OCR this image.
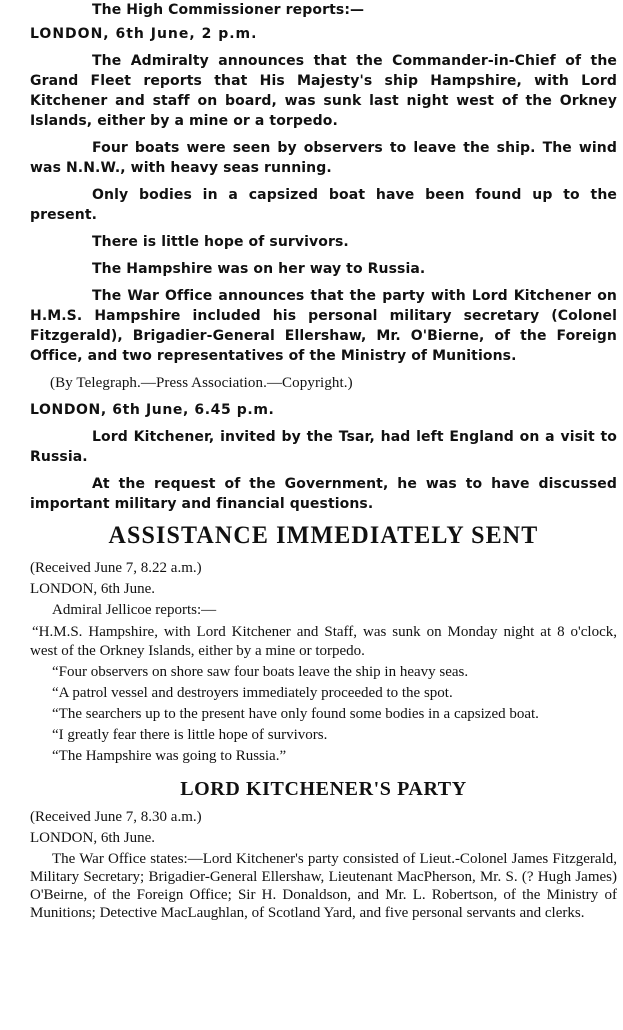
The High Commissioner reports:—

LONDON, 6th June, 2 p.m.

The Admiralty announces that the Commander-in-Chief of the Grand Fleet reports that His Majesty's ship Hampshire, with Lord Kitchener and staff on board, was sunk last night west of the Orkney Islands, either by a mine or a torpedo.

Four boats were seen by observers to leave the ship. The wind was N.N.W., with heavy seas running.

Only bodies in a capsized boat have been found up to the present.

There is little hope of survivors.

The Hampshire was on her way to Russia.

The War Office announces that the party with Lord Kitchener on H.M.S. Hampshire included his personal military secretary (Colonel Fitzgerald), Brigadier-General Ellershaw, Mr. O'Bierne, of the Foreign Office, and two representatives of the Ministry of Munitions.

(By Telegraph.—Press Association.—Copyright.)

LONDON, 6th June, 6.45 p.m.

Lord Kitchener, invited by the Tsar, had left England on a visit to Russia.

At the request of the Government, he was to have discussed important military and financial questions.

ASSISTANCE IMMEDIATELY SENT

(Received June 7, 8.22 a.m.)

LONDON, 6th June.

Admiral Jellicoe reports:—

“H.M.S. Hampshire, with Lord Kitchener and Staff, was sunk on Monday night at 8 o'clock, west of the Orkney Islands, either by a mine or torpedo.

“Four observers on shore saw four boats leave the ship in heavy seas.

“A patrol vessel and destroyers immediately proceeded to the spot.

“The searchers up to the present have only found some bodies in a capsized boat.

“I greatly fear there is little hope of survivors.

“The Hampshire was going to Russia.”

LORD KITCHENER'S PARTY

(Received June 7, 8.30 a.m.)

LONDON, 6th June.

The War Office states:—Lord Kitchener's party consisted of Lieut.-Colonel James Fitzgerald, Military Secretary; Brigadier-General Ellershaw, Lieutenant MacPherson, Mr. S. (? Hugh James) O'Beirne, of the Foreign Office; Sir H. Donaldson, and Mr. L. Robertson, of the Ministry of Munitions; Detective MacLaughlan, of Scotland Yard, and five personal servants and clerks.
